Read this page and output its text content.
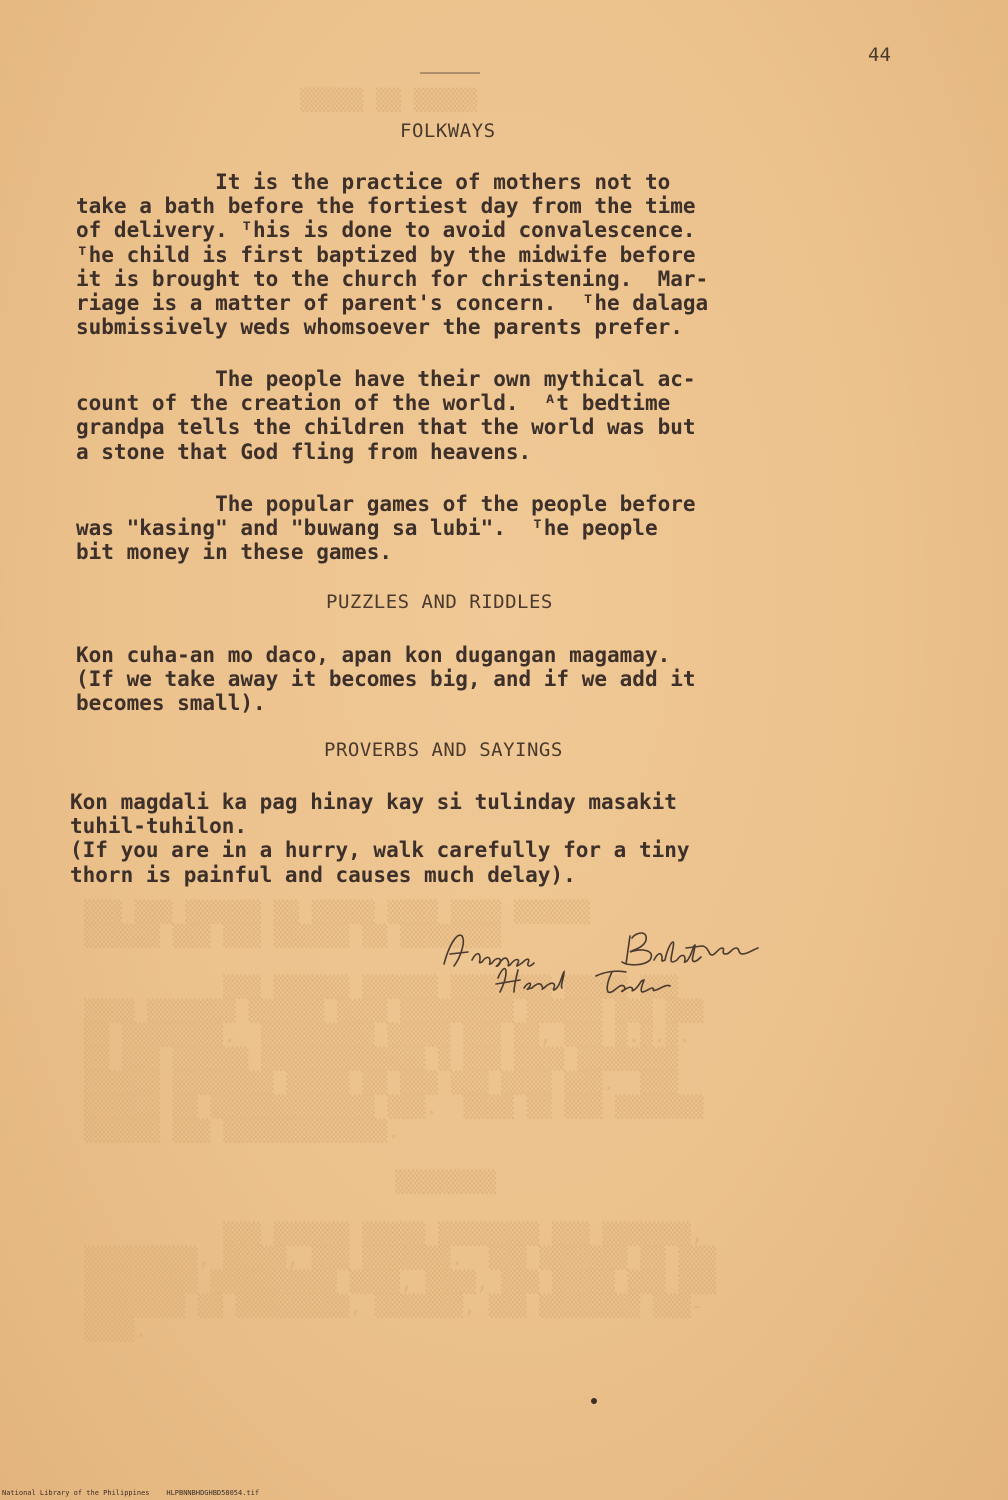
▒▒▒▒▒ ▒▒ ▒▒▒▒▒
▒▒▒ ▒▒▒ ▒▒▒▒▒▒ ▒▒ ▒▒▒▒▒ ▒▒▒▒ ▒▒▒▒ ▒▒▒▒▒▒
▒▒▒▒▒▒ ▒▒▒ ▒▒▒ ▒▒▒▒▒▒ ▒▒ ▒▒▒▒▒▒▒▒
▒▒▒ ▒▒▒▒▒▒ ▒▒▒▒▒▒ ▒▒▒▒▒▒▒▒ ▒▒▒▒▒ ▒▒▒
▒▒▒▒ ▒▒▒▒▒▒▒ ▒▒▒▒▒▒ ▒▒▒▒ ▒▒▒▒▒▒▒▒▒ ▒▒▒▒▒▒ ▒▒▒ ▒▒▒
▒▒ ▒▒▒▒▒▒▒▒.  ▒▒▒▒▒▒▒▒▒ ▒▒▒▒▒ ▒▒▒ ▒▒, ▒▒▒ ▒.▒.▒.
▒▒ ▒▒▒ ▒▒▒▒▒▒ ▒▒▒▒▒▒▒▒▒▒▒▒▒ ▒ ▒▒▒ ▒▒▒▒ ▒▒▒▒▒▒▒▒
▒▒▒▒▒▒ ▒▒▒▒▒▒▒▒ ▒▒▒▒▒ ▒▒ ▒▒▒ ▒▒▒ ▒▒▒▒ ▒▒▒.  ▒▒▒
▒▒▒▒▒▒ ▒▒ ▒▒▒▒▒▒▒▒▒▒▒▒▒ ▒▒▒.  ▒▒▒▒ ▒▒ ▒▒▒ ▒▒▒▒▒▒▒
▒▒▒▒▒▒ ▒▒▒ ▒▒▒▒▒▒▒▒▒▒▒▒▒.
▒▒▒▒▒▒▒▒
▒▒▒ ▒▒▒▒▒▒ ▒▒▒▒▒ ▒▒▒▒▒▒▒▒ ▒▒▒ ▒▒▒▒▒▒▒,
▒▒▒▒▒▒▒▒▒, ▒▒▒▒▒, ▒▒▒ ▒▒▒▒▒▒▒.  ▒▒▒ ▒▒▒▒▒▒▒ ▒▒ ▒▒▒
▒▒▒▒▒▒▒▒▒ ▒▒▒▒▒▒▒▒▒▒ ▒▒▒▒, ▒▒▒▒, ▒▒▒ ▒▒▒▒▒ ▒▒▒ ▒▒▒
▒▒▒▒▒▒▒▒ ▒▒ ▒▒▒▒▒▒▒▒▒, ▒▒▒▒▒▒▒, ▒▒▒ ▒▒▒▒▒▒▒▒ ▒▒▒-
▒▒▒▒.
44
FOLKWAYS
It is the practice of mothers not to
take a bath before the fortiest day from the time
of delivery. ᵀhis is done to avoid convalescence.
ᵀhe child is first baptized by the midwife before
it is brought to the church for christening.  Mar-
riage is a matter of parent's concern.  ᵀhe dalaga
submissively weds whomsoever the parents prefer.
The people have their own mythical ac-
count of the creation of the world.  ᴬt bedtime
grandpa tells the children that the world was but
a stone that God fling from heavens.
The popular games of the people before
was "kasing" and "buwang sa lubi".  ᵀhe people
bit money in these games.
PUZZLES AND RIDDLES
Kon cuha-an mo daco, apan kon dugangan magamay.
(If we take away it becomes big, and if we add it
becomes small).
PROVERBS AND SAYINGS
Kon magdali ka pag hinay kay si tulinday masakit
tuhil-tuhilon.
(If you are in a hurry, walk carefully for a tiny
thorn is painful and causes much delay).
National Library of the Philippines    HLPBNNBHDGHBD58054.tif
